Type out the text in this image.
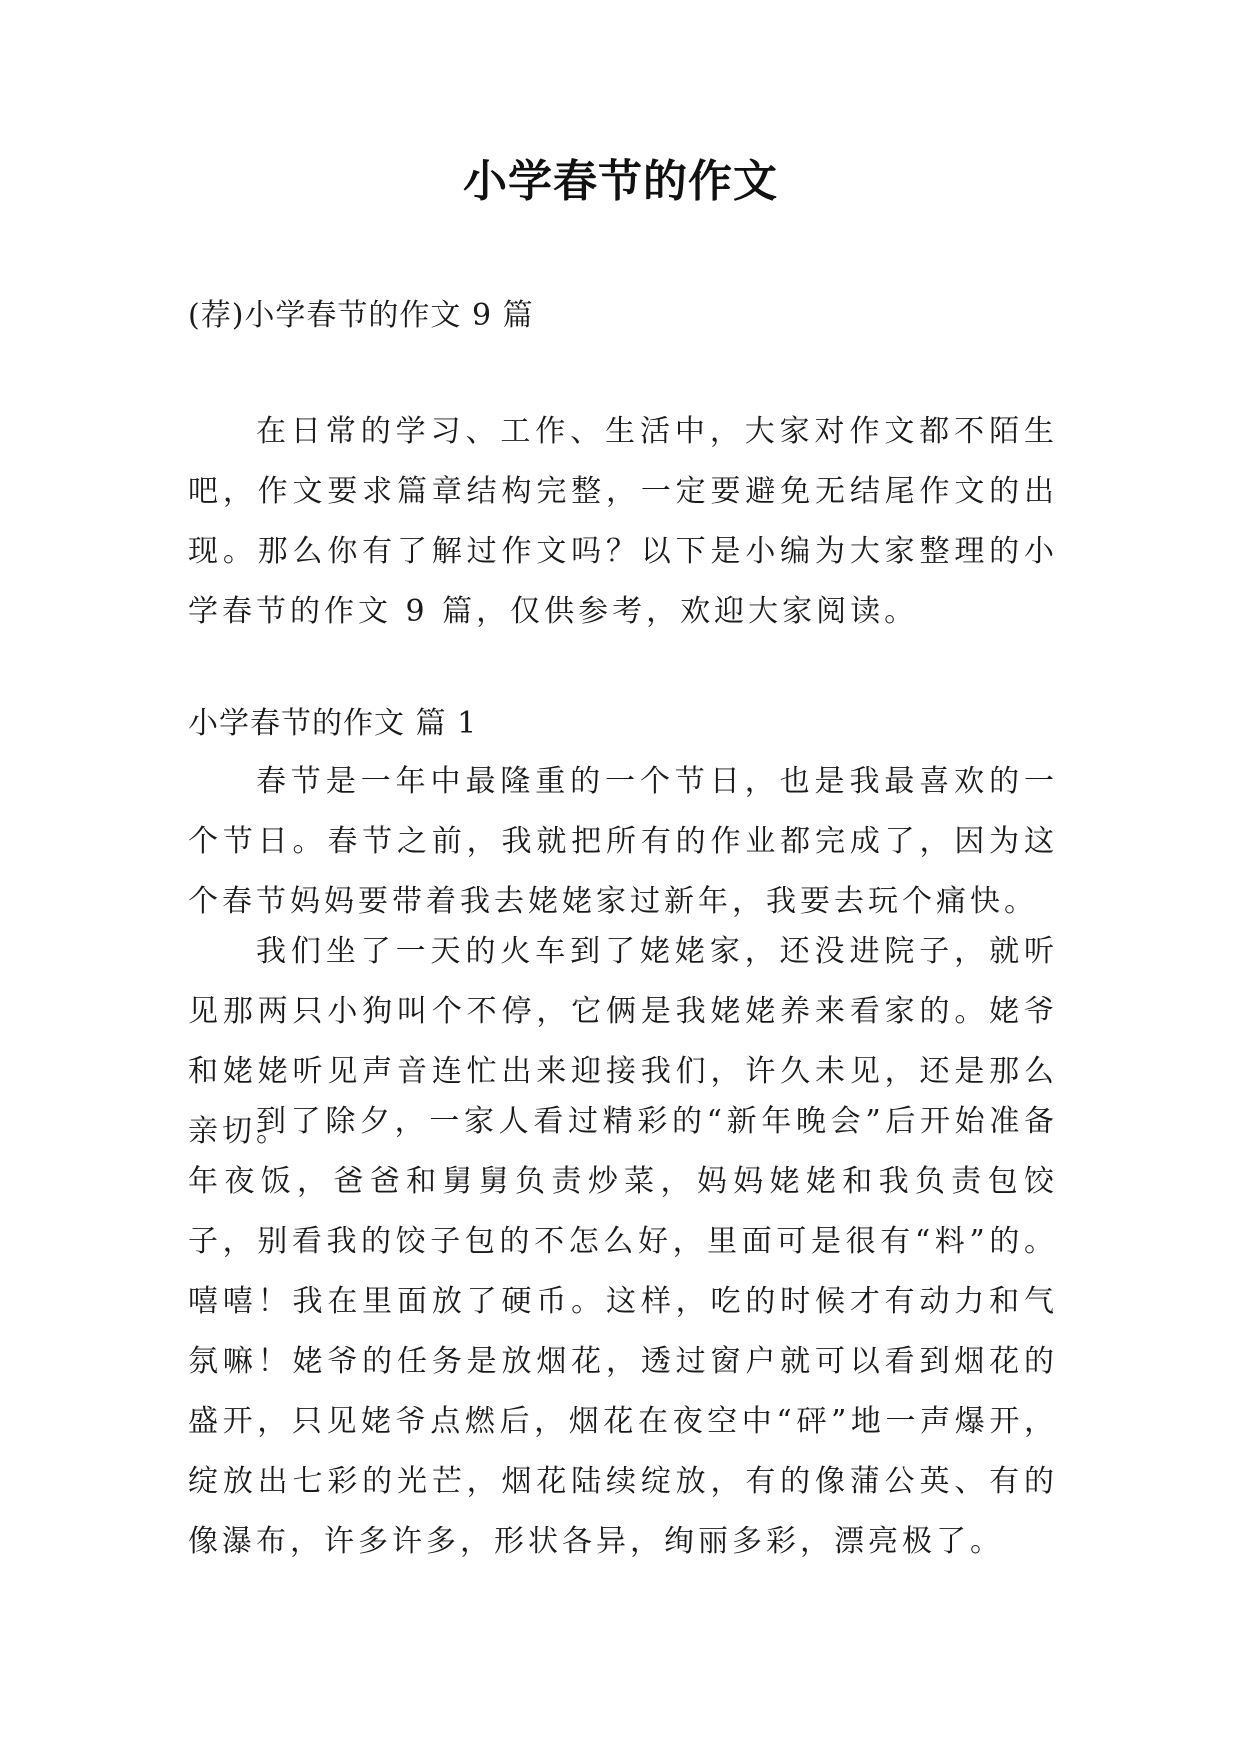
小学春节的作文
(荐)小学春节的作文 9 篇

在日常的学习、工作、生活中，大家对作文都不陌生吧，作文要求篇章结构完整，一定要避免无结尾作文的出现。那么你有了解过作文吗？以下是小编为大家整理的小学春节的作文 9 篇，仅供参考，欢迎大家阅读。

小学春节的作文 篇 1

春节是一年中最隆重的一个节日，也是我最喜欢的一个节日。春节之前，我就把所有的作业都完成了，因为这个春节妈妈要带着我去姥姥家过新年，我要去玩个痛快。

我们坐了一天的火车到了姥姥家，还没进院子，就听见那两只小狗叫个不停，它俩是我姥姥养来看家的。姥爷和姥姥听见声音连忙出来迎接我们，许久未见，还是那么亲切。

到了除夕，一家人看过精彩的“新年晚会”后开始准备年夜饭，爸爸和舅舅负责炒菜，妈妈姥姥和我负责包饺子，别看我的饺子包的不怎么好，里面可是很有“料”的。嘻嘻！我在里面放了硬币。这样，吃的时候才有动力和气氛嘛！姥爷的任务是放烟花，透过窗户就可以看到烟花的盛开，只见姥爷点燃后，烟花在夜空中“砰”地一声爆开，绽放出七彩的光芒，烟花陆续绽放，有的像蒲公英、有的像瀑布，许多许多，形状各异，绚丽多彩，漂亮极了。
